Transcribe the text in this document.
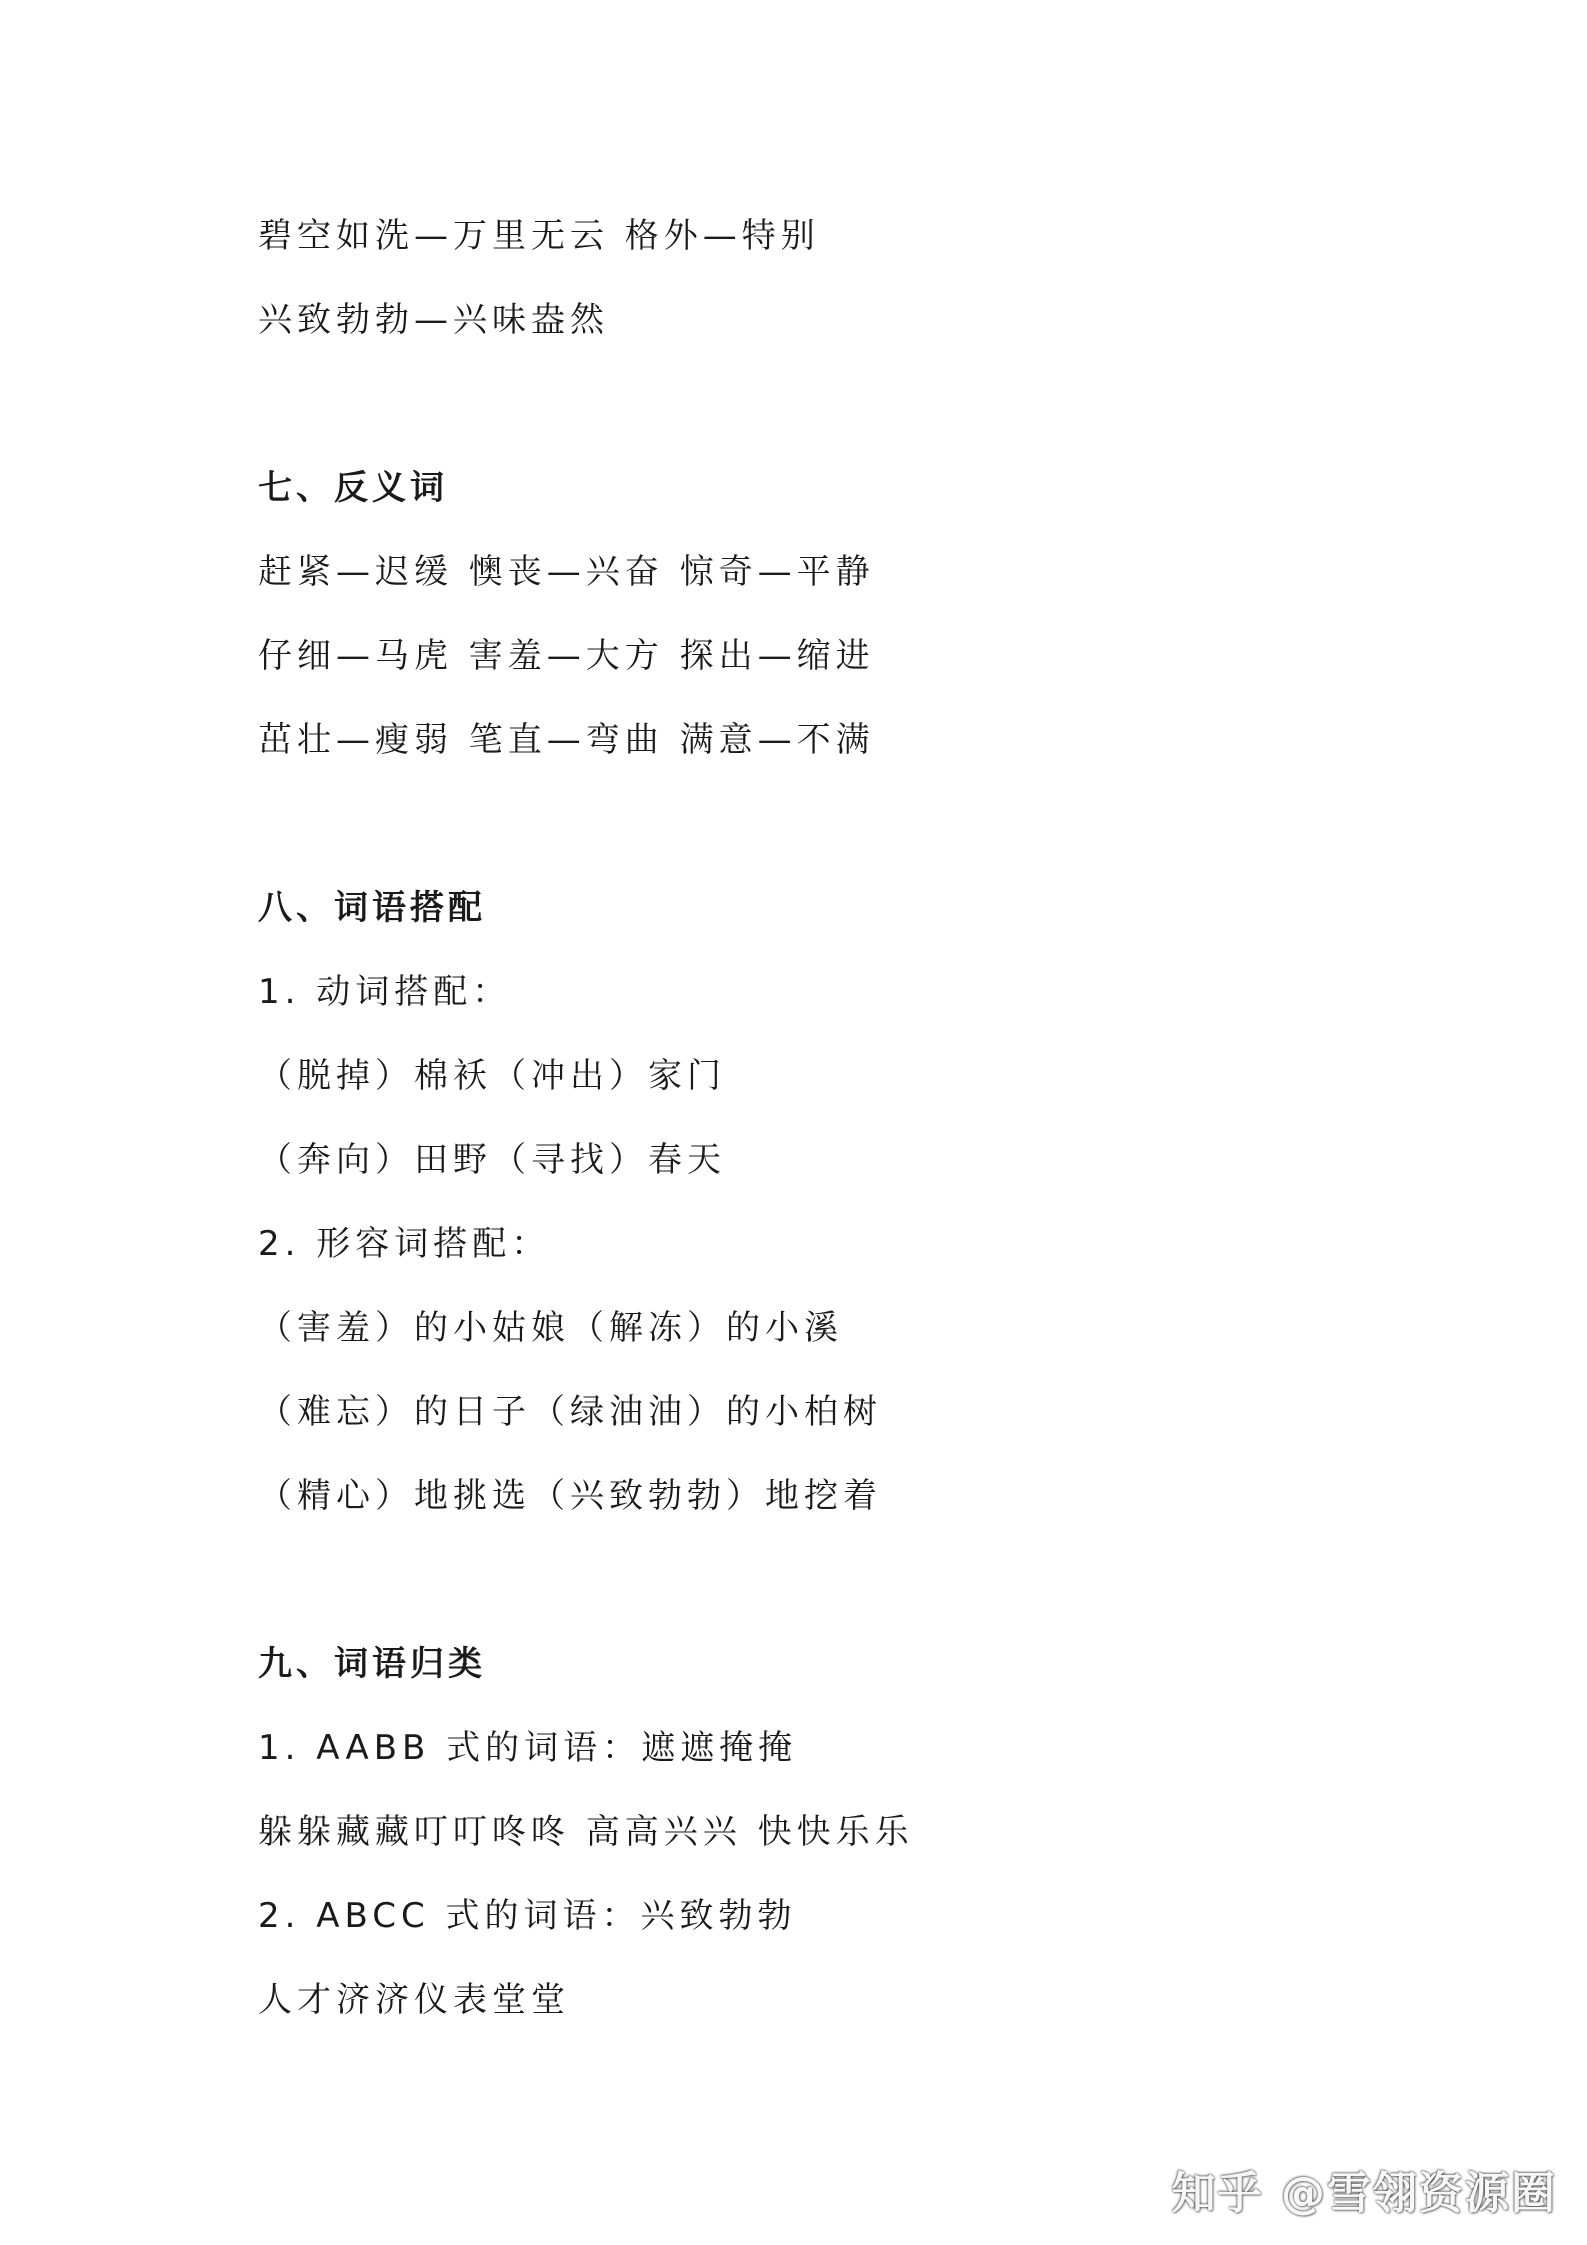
碧空如洗—万里无云 格外—特别
兴致勃勃—兴味盎然
七、反义词
赶紧—迟缓 懊丧—兴奋 惊奇—平静
仔细—马虎 害羞—大方 探出—缩进
茁壮—瘦弱 笔直—弯曲 满意—不满
八、词语搭配
1. 动词搭配：
（脱掉）棉袄（冲出）家门
（奔向）田野（寻找）春天
2. 形容词搭配：
（害羞）的小姑娘（解冻）的小溪
（难忘）的日子（绿油油）的小柏树
（精心）地挑选（兴致勃勃）地挖着
九、词语归类
1. AABB 式的词语：遮遮掩掩
躲躲藏藏叮叮咚咚 高高兴兴 快快乐乐
2. ABCC 式的词语：兴致勃勃
人才济济仪表堂堂
知乎 @雪翎资源圈
